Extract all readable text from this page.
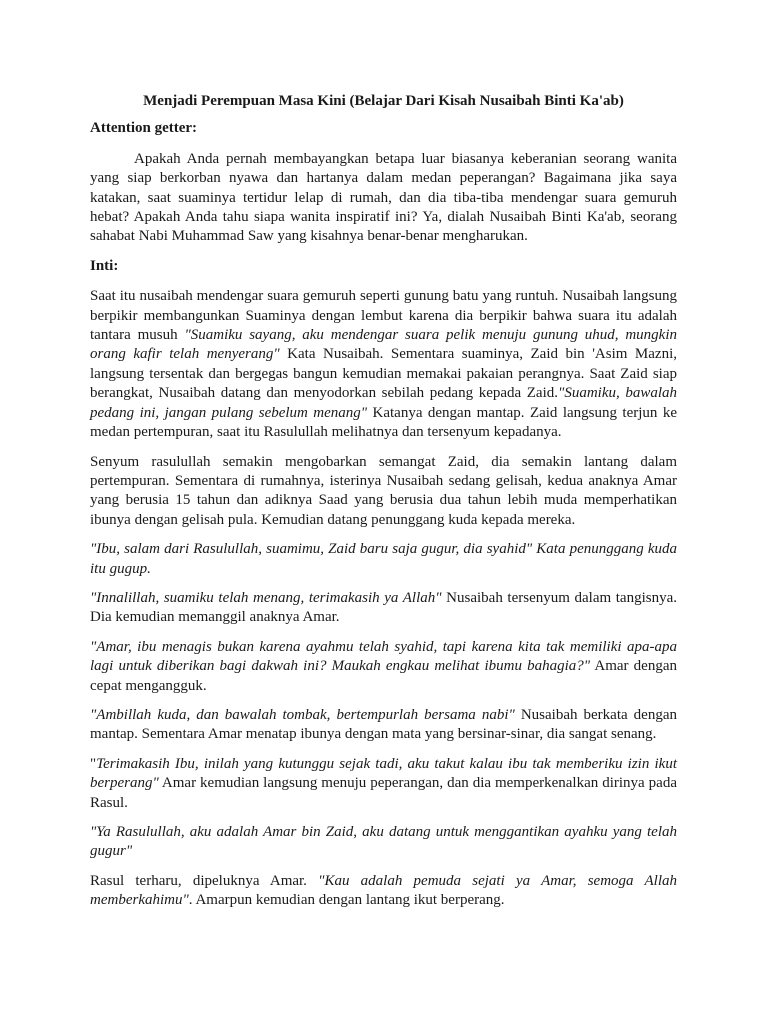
Menjadi Perempuan Masa Kini (Belajar Dari Kisah Nusaibah Binti Ka'ab)
Attention getter:

Apakah Anda pernah membayangkan betapa luar biasanya keberanian seorang wanita yang siap berkorban nyawa dan hartanya dalam medan peperangan? Bagaimana jika saya katakan, saat suaminya tertidur lelap di rumah, dan dia tiba-tiba mendengar suara gemuruh hebat? Apakah Anda tahu siapa wanita inspiratif ini? Ya, dialah Nusaibah Binti Ka'ab, seorang sahabat Nabi Muhammad Saw yang kisahnya benar-benar mengharukan.

Inti:

Saat itu nusaibah mendengar suara gemuruh seperti gunung batu yang runtuh. Nusaibah langsung berpikir membangunkan Suaminya dengan lembut karena dia berpikir bahwa suara itu adalah tantara musuh "Suamiku sayang, aku mendengar suara pelik menuju gunung uhud, mungkin orang kafir telah menyerang" Kata Nusaibah. Sementara suaminya, Zaid bin 'Asim Mazni, langsung tersentak dan bergegas bangun kemudian memakai pakaian perangnya. Saat Zaid siap berangkat, Nusaibah datang dan menyodorkan sebilah pedang kepada Zaid."Suamiku, bawalah pedang ini, jangan pulang sebelum menang" Katanya dengan mantap. Zaid langsung terjun ke medan pertempuran, saat itu Rasulullah melihatnya dan tersenyum kepadanya.

Senyum rasulullah semakin mengobarkan semangat Zaid, dia semakin lantang dalam pertempuran. Sementara di rumahnya, isterinya Nusaibah sedang gelisah, kedua anaknya Amar yang berusia 15 tahun dan adiknya Saad yang berusia dua tahun lebih muda memperhatikan ibunya dengan gelisah pula. Kemudian datang penunggang kuda kepada mereka.

"Ibu, salam dari Rasulullah, suamimu, Zaid baru saja gugur, dia syahid" Kata penunggang kuda itu gugup.

"Innalillah, suamiku telah menang, terimakasih ya Allah" Nusaibah tersenyum dalam tangisnya. Dia kemudian memanggil anaknya Amar.

"Amar, ibu menagis bukan karena ayahmu telah syahid, tapi karena kita tak memiliki apa-apa lagi untuk diberikan bagi dakwah ini? Maukah engkau melihat ibumu bahagia?" Amar dengan cepat mengangguk.

"Ambillah kuda, dan bawalah tombak, bertempurlah bersama nabi" Nusaibah berkata dengan mantap. Sementara Amar menatap ibunya dengan mata yang bersinar-sinar, dia sangat senang.

"Terimakasih Ibu, inilah yang kutunggu sejak tadi, aku takut kalau ibu tak memberiku izin ikut berperang" Amar kemudian langsung menuju peperangan, dan dia memperkenalkan dirinya pada Rasul.

"Ya Rasulullah, aku adalah Amar bin Zaid, aku datang untuk menggantikan ayahku yang telah gugur"

Rasul terharu, dipeluknya Amar. "Kau adalah pemuda sejati ya Amar, semoga Allah memberkahimu". Amarpun kemudian dengan lantang ikut berperang.
